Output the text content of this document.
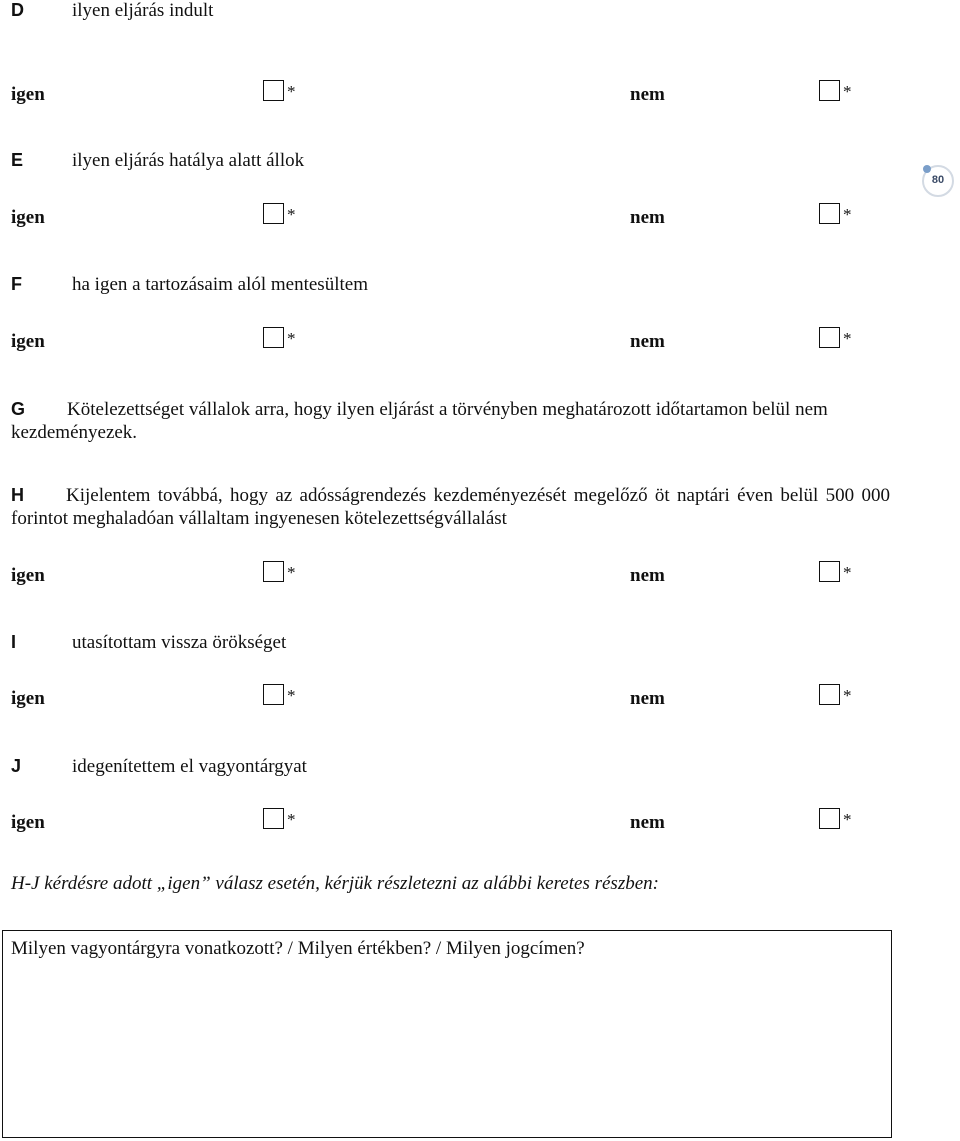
80
D	ilyen eljárás indult
igen	*	nem	*
E	ilyen eljárás hatálya alatt állok
igen	*	nem	*
F	ha igen a tartozásaim alól mentesültem
igen	*	nem	*
G Kötelezettséget vállalok arra, hogy ilyen eljárást a törvényben meghatározott időtartamon belül nem kezdeményezek.
H Kijelentem továbbá, hogy az adósságrendezés kezdeményezését megelőző öt naptári éven belül 500 000 forintot meghaladóan vállaltam ingyenesen kötelezettségvállalást
igen	*	nem	*
I	utasítottam vissza örökséget
igen	*	nem	*
J	idegenítettem el vagyontárgyat
igen	*	nem	*
H-J kérdésre adott „igen” válasz esetén, kérjük részletezni az alábbi keretes részben:
Milyen vagyontárgyra vonatkozott? / Milyen értékben? / Milyen jogcímen?
